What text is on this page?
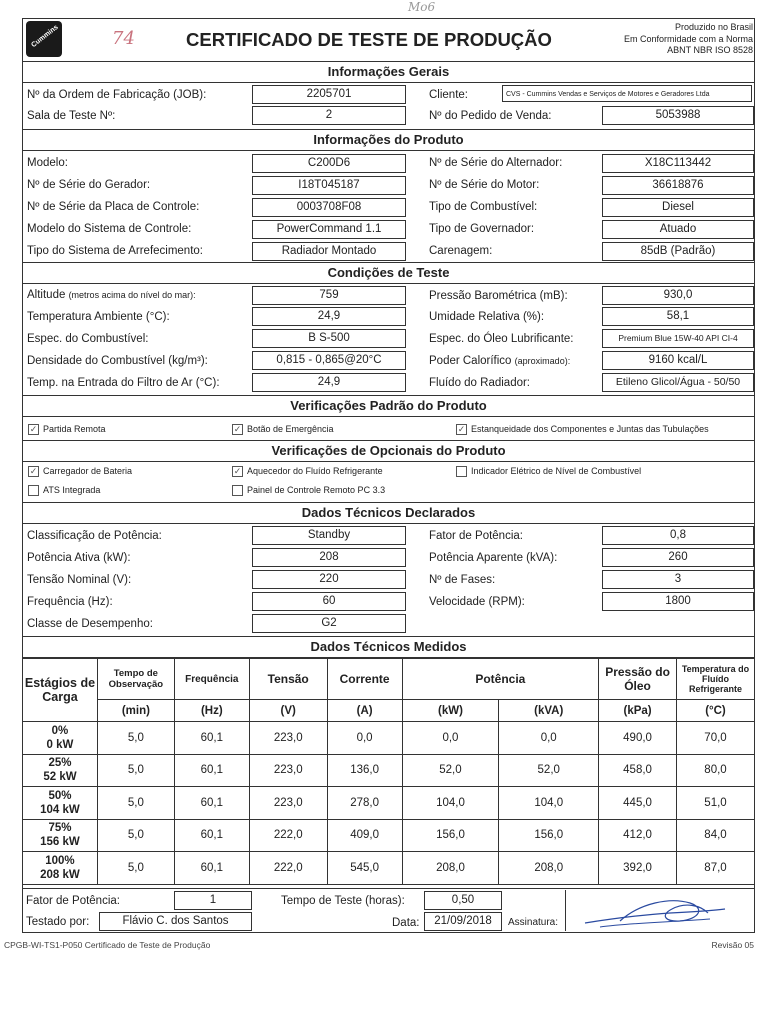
Mo6
Cummins	74	CERTIFICADO DE TESTE DE PRODUÇÃO
Produzido no Brasil
Em Conformidade com a Norma
ABNT NBR ISO 8528
Informações Gerais
Nº da Ordem de Fabricação (JOB):	2205701	Cliente:	CVS - Cummins Vendas e Serviços de Motores e Geradores Ltda
Sala de Teste Nº:	2	Nº do Pedido de Venda:	5053988
Informações do Produto
Modelo:	C200D6	Nº de Série do Alternador:	X18C113442
Nº de Série do Gerador:	I18T045187	Nº de Série do Motor:	36618876
Nº de Série da Placa de Controle:	0003708F08	Tipo de Combustível:	Diesel
Modelo do Sistema de Controle:	PowerCommand 1.1	Tipo de Governador:	Atuado
Tipo do Sistema de Arrefecimento:	Radiador Montado	Carenagem:	85dB (Padrão)
Condições de Teste
Altitude (metros acima do nível do mar):	759	Pressão Barométrica (mB):	930,0
Temperatura Ambiente (°C):	24,9	Umidade Relativa (%):	58,1
Espec. do Combustível:	B S-500	Espec. do Óleo Lubrificante:	Premium Blue 15W-40 API CI-4
Densidade do Combustível (kg/m³):	0,815 - 0,865@20°C	Poder Calorífico (aproximado):	9160 kcal/L
Temp. na Entrada do Filtro de Ar (°C):	24,9	Fluído do Radiador:	Etileno Glicol/Água - 50/50
Verificações Padrão do Produto
✓ Partida Remota	✓ Botão de Emergência	✓ Estanqueidade dos Componentes e Juntas das Tubulações
Verificações de Opcionais do Produto
✓ Carregador de Bateria	✓ Aquecedor do Fluído Refrigerante	Indicador Elétrico de Nível de Combustível
ATS Integrada	Painel de Controle Remoto PC 3.3
Dados Técnicos Declarados
Classificação de Potência:	Standby	Fator de Potência:	0,8
Potência Ativa (kW):	208	Potência Aparente (kVA):	260
Tensão Nominal (V):	220	Nº de Fases:	3
Frequência (Hz):	60	Velocidade (RPM):	1800
Classe de Desempenho:	G2
Dados Técnicos Medidos
Estágios de Carga	Tempo de Observação	Frequência	Tensão	Corrente	Potência		Pressão do Óleo	Temperatura do Fluído Refrigerante
	(min)	(Hz)	(V)	(A)	(kW)	(kVA)	(kPa)	(°C)

0%
0 kW	5,0	60,1	223,0	0,0	0,0	0,0	490,0	70,0

25%
52 kW	5,0	60,1	223,0	136,0	52,0	52,0	458,0	80,0

50%
104 kW	5,0	60,1	223,0	278,0	104,0	104,0	445,0	51,0

75%
156 kW	5,0	60,1	222,0	409,0	156,0	156,0	412,0	84,0

100%
208 kW	5,0	60,1	222,0	545,0	208,0	208,0	392,0	87,0
Fator de Potência:	1	Tempo de Teste (horas):	0,50
Testado por:	Flávio C. dos Santos	Data:	21/09/2018	Assinatura:
CPGB-WI-TS1-P050 Certificado de Teste de Produção	Revisão 05
